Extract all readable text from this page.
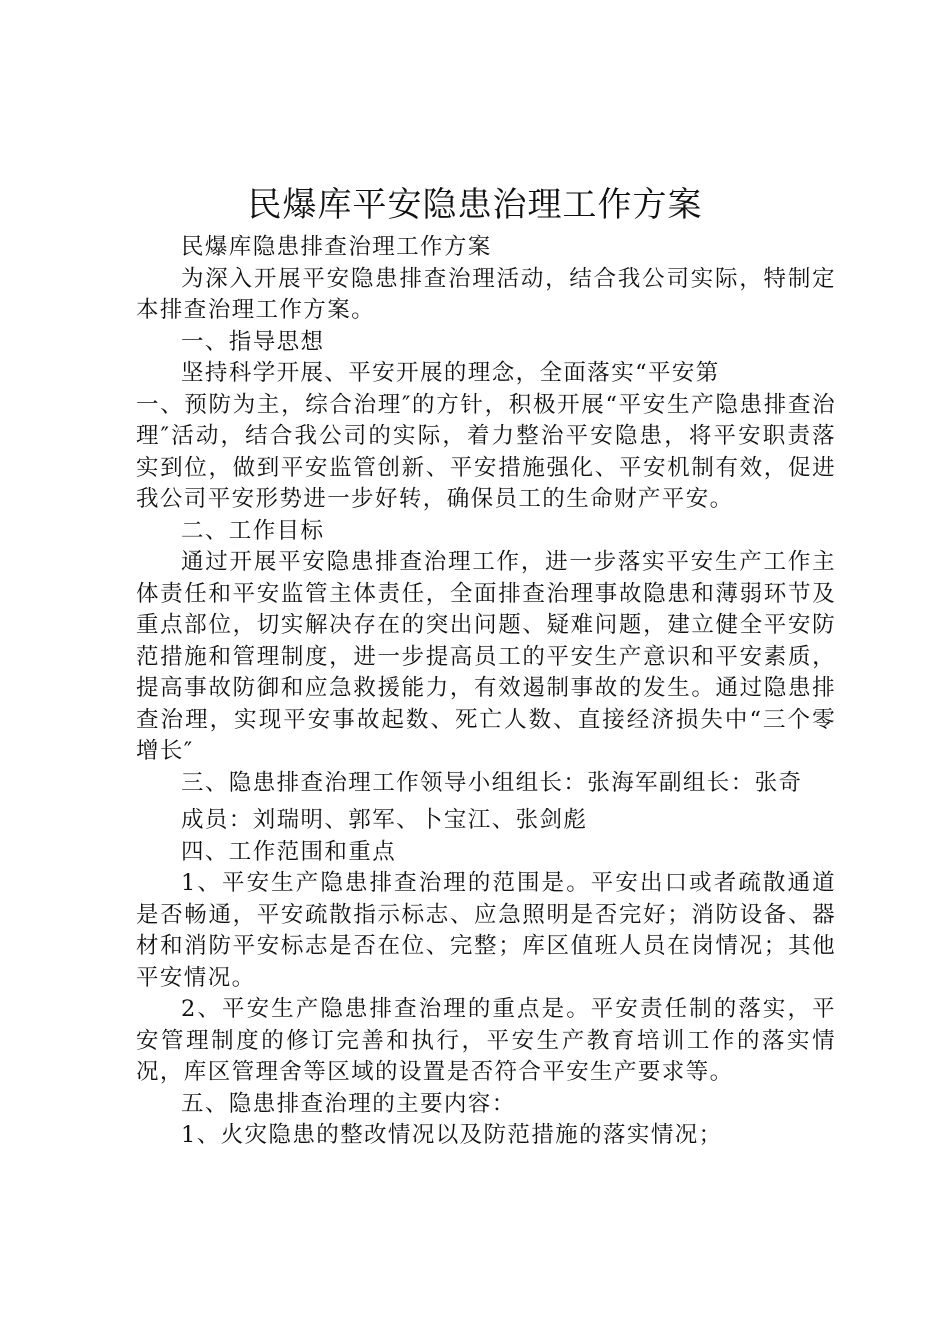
民爆库平安隐患治理工作方案

民爆库隐患排查治理工作方案

为深入开展平安隐患排查治理活动，结合我公司实际，特制定本排查治理工作方案。

一、指导思想

坚持科学开展、平安开展的理念，全面落实“平安第

一、预防为主，综合治理″的方针，积极开展“平安生产隐患排查治理″活动，结合我公司的实际，着力整治平安隐患，将平安职责落实到位，做到平安监管创新、平安措施强化、平安机制有效，促进我公司平安形势进一步好转，确保员工的生命财产平安。

二、工作目标

通过开展平安隐患排查治理工作，进一步落实平安生产工作主体责任和平安监管主体责任，全面排查治理事故隐患和薄弱环节及重点部位，切实解决存在的突出问题、疑难问题，建立健全平安防范措施和管理制度，进一步提高员工的平安生产意识和平安素质，提高事故防御和应急救援能力，有效遏制事故的发生。通过隐患排查治理，实现平安事故起数、死亡人数、直接经济损失中“三个零增长″

三、隐患排查治理工作领导小组组长：张海军副组长：张奇

成员：刘瑞明、郭军、卜宝江、张剑彪

四、工作范围和重点

1、平安生产隐患排查治理的范围是。平安出口或者疏散通道是否畅通，平安疏散指示标志、应急照明是否完好；消防设备、器材和消防平安标志是否在位、完整；库区值班人员在岗情况；其他平安情况。

2、平安生产隐患排查治理的重点是。平安责任制的落实，平安管理制度的修订完善和执行，平安生产教育培训工作的落实情况，库区管理舍等区域的设置是否符合平安生产要求等。

五、隐患排查治理的主要内容：

1、火灾隐患的整改情况以及防范措施的落实情况；
